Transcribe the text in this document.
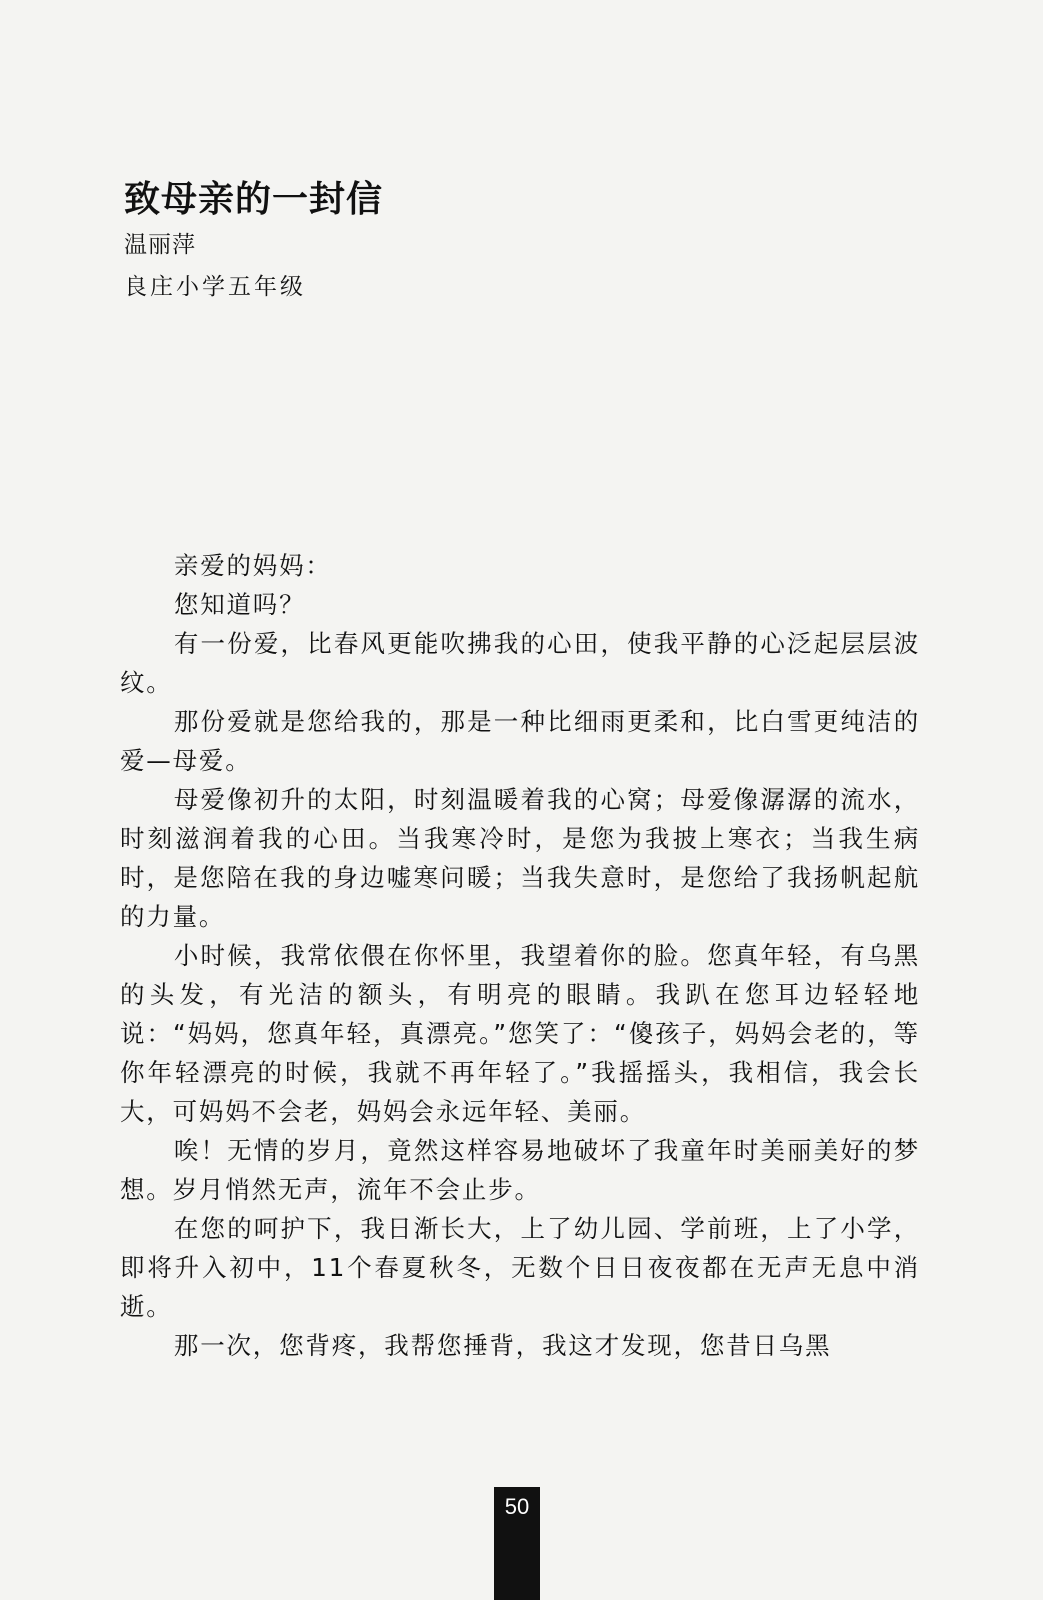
致母亲的一封信
温丽萍
良庄小学五年级

亲爱的妈妈：

您知道吗？

有一份爱，比春风更能吹拂我的心田，使我平静的心泛起层层波纹。

那份爱就是您给我的，那是一种比细雨更柔和，比白雪更纯洁的爱—母爱。

母爱像初升的太阳，时刻温暖着我的心窝；母爱像潺潺的流水，时刻滋润着我的心田。当我寒冷时，是您为我披上寒衣；当我生病时，是您陪在我的身边嘘寒问暖；当我失意时，是您给了我扬帆起航的力量。

小时候，我常依偎在你怀里，我望着你的脸。您真年轻，有乌黑的头发，有光洁的额头，有明亮的眼睛。我趴在您耳边轻轻地说：“妈妈，您真年轻，真漂亮。”您笑了：“傻孩子，妈妈会老的，等你年轻漂亮的时候，我就不再年轻了。”我摇摇头，我相信，我会长大，可妈妈不会老，妈妈会永远年轻、美丽。

唉！无情的岁月，竟然这样容易地破坏了我童年时美丽美好的梦想。岁月悄然无声，流年不会止步。

在您的呵护下，我日渐长大，上了幼儿园、学前班，上了小学，即将升入初中，11个春夏秋冬，无数个日日夜夜都在无声无息中消逝。

那一次，您背疼，我帮您捶背，我这才发现，您昔日乌黑

50
